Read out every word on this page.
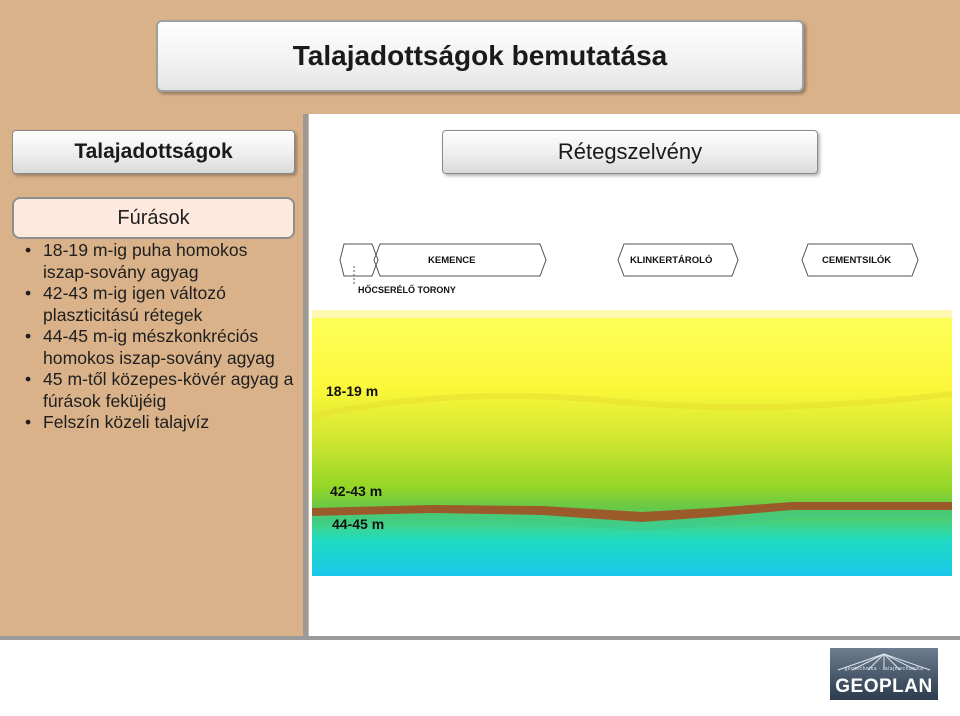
Talajadottságok bemutatása
Talajadottságok	Rétegszelvény
Fúrások
• 18-19 m-ig puha homokos iszap-sovány agyag
• 42-43 m-ig igen változó plaszticitású rétegek
• 44-45 m-ig mészkonkréciós homokos iszap-sovány agyag
• 45 m-től közepes-kövér agyag a fúrások feküjéig
• Felszín közeli talajvíz
HŐCSERÉLŐ TORONY
KEMENCE	KLINKERTÁROLÓ	CEMENTSILÓK
18-19 m
42-43 m
44-45 m
geotechnika · talajmechanika
GEOPLAN
